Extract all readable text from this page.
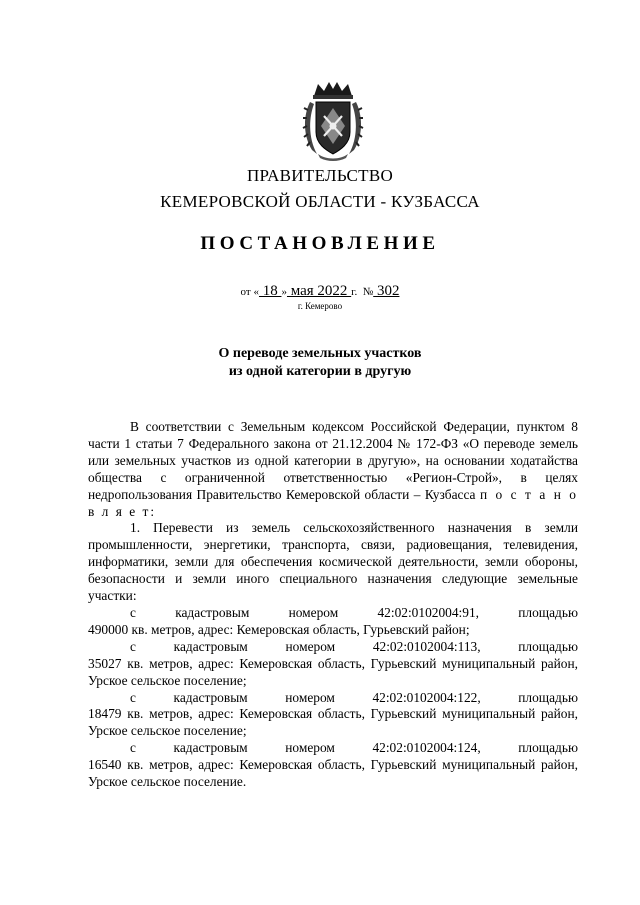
ПРАВИТЕЛЬСТВО
КЕМЕРОВСКОЙ ОБЛАСТИ - КУЗБАССА
ПОСТАНОВЛЕНИЕ
от « 18 » мая 2022 г. № 302
г. Кемерово
О переводе земельных участков
из одной категории в другую

В соответствии с Земельным кодексом Российской Федерации, пунктом 8 части 1 статьи 7 Федерального закона от 21.12.2004 № 172-ФЗ «О переводе земель или земельных участков из одной категории в другую», на основании ходатайства общества с ограниченной ответственностью «Регион-Строй», в целях недропользования Правительство Кемеровской области – Кузбасса п о с т а н о в л я е т:

1. Перевести из земель сельскохозяйственного назначения в земли промышленности, энергетики, транспорта, связи, радиовещания, телевидения, информатики, земли для обеспечения космической деятельности, земли обороны, безопасности и земли иного специального назначения следующие земельные участки:

с	кадастровым	номером	42:02:0102004:91,	площадью

490000 кв. метров, адрес: Кемеровская область, Гурьевский район;

с	кадастровым	номером	42:02:0102004:113,	площадью

35027 кв. метров, адрес: Кемеровская область, Гурьевский муниципальный район, Урское сельское поселение;

с	кадастровым	номером	42:02:0102004:122,	площадью

18479 кв. метров, адрес: Кемеровская область, Гурьевский муниципальный район, Урское сельское поселение;

с	кадастровым	номером	42:02:0102004:124,	площадью

16540 кв. метров, адрес: Кемеровская область, Гурьевский муниципальный район, Урское сельское поселение.
